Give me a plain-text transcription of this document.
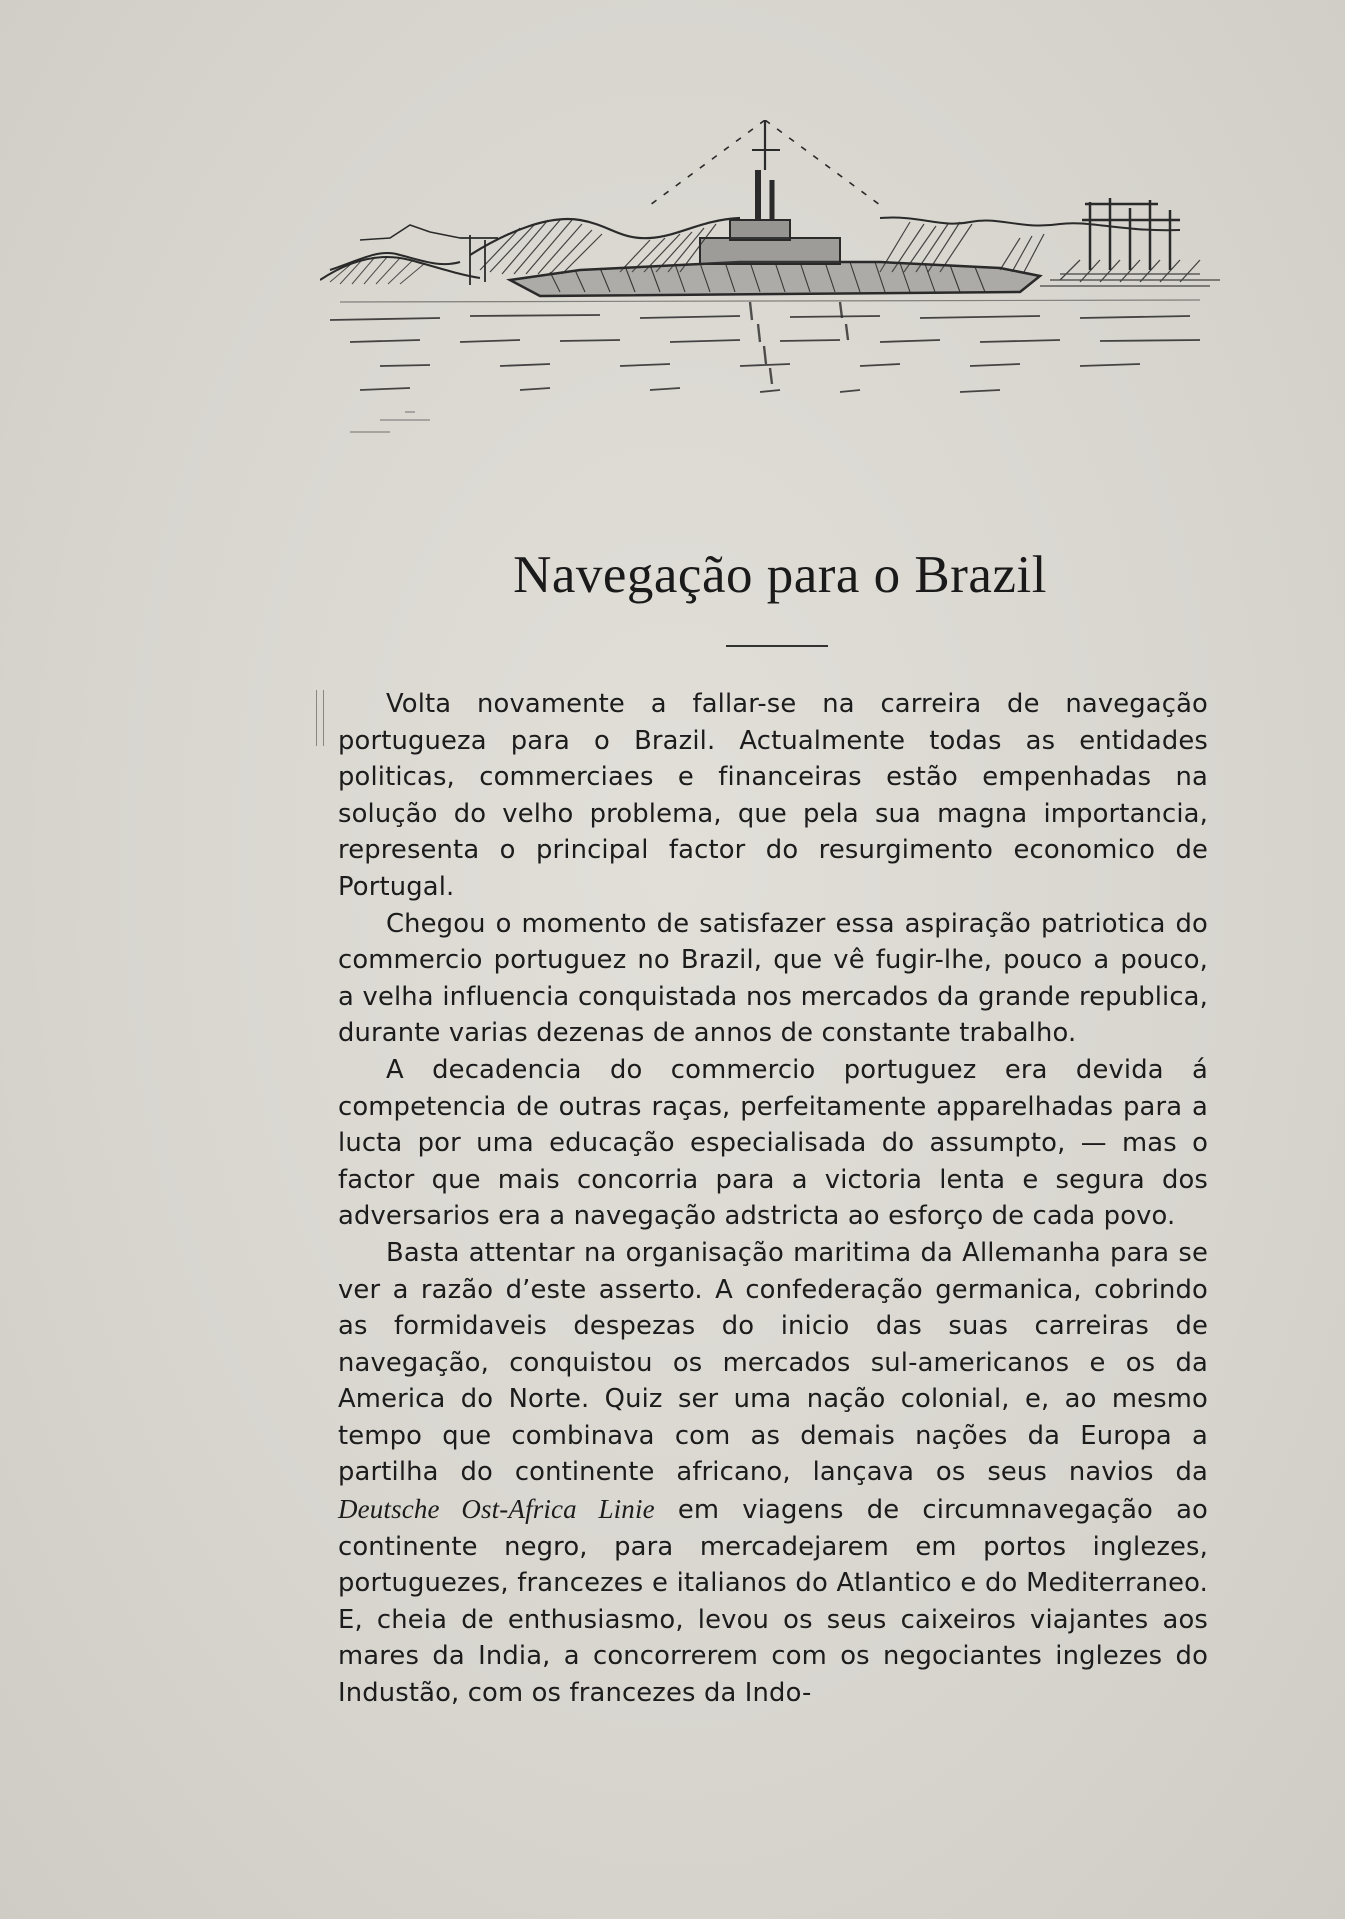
Navegação para o Brazil

Volta novamente a fallar-se na carreira de navegação portugueza para o Brazil. Actualmente todas as entidades politicas, commerciaes e financeiras estão empenhadas na solução do velho problema, que pela sua magna importancia, representa o principal factor do resurgimento economico de Portugal.

Chegou o momento de satisfazer essa aspiração patriotica do commercio portuguez no Brazil, que vê fugir-lhe, pouco a pouco, a velha influencia conquistada nos mercados da grande republica, durante varias dezenas de annos de constante trabalho.

A decadencia do commercio portuguez era devida á competencia de outras raças, perfeitamente apparelhadas para a lucta por uma educação especialisada do assumpto, — mas o factor que mais concorria para a victoria lenta e segura dos adversarios era a navegação adstricta ao esforço de cada povo.

Basta attentar na organisação maritima da Allemanha para se ver a razão d’este asserto. A confederação germanica, cobrindo as formidaveis despezas do inicio das suas carreiras de navegação, conquistou os mercados sul-americanos e os da America do Norte. Quiz ser uma nação colonial, e, ao mesmo tempo que combinava com as demais nações da Europa a partilha do continente africano, lançava os seus navios da Deutsche Ost-Africa Linie em viagens de circumnavegação ao continente negro, para mercadejarem em portos inglezes, portuguezes, francezes e italianos do Atlantico e do Mediterraneo. E, cheia de enthusiasmo, levou os seus caixeiros viajantes aos mares da India, a concorrerem com os negociantes inglezes do Industão, com os francezes da Indo-
